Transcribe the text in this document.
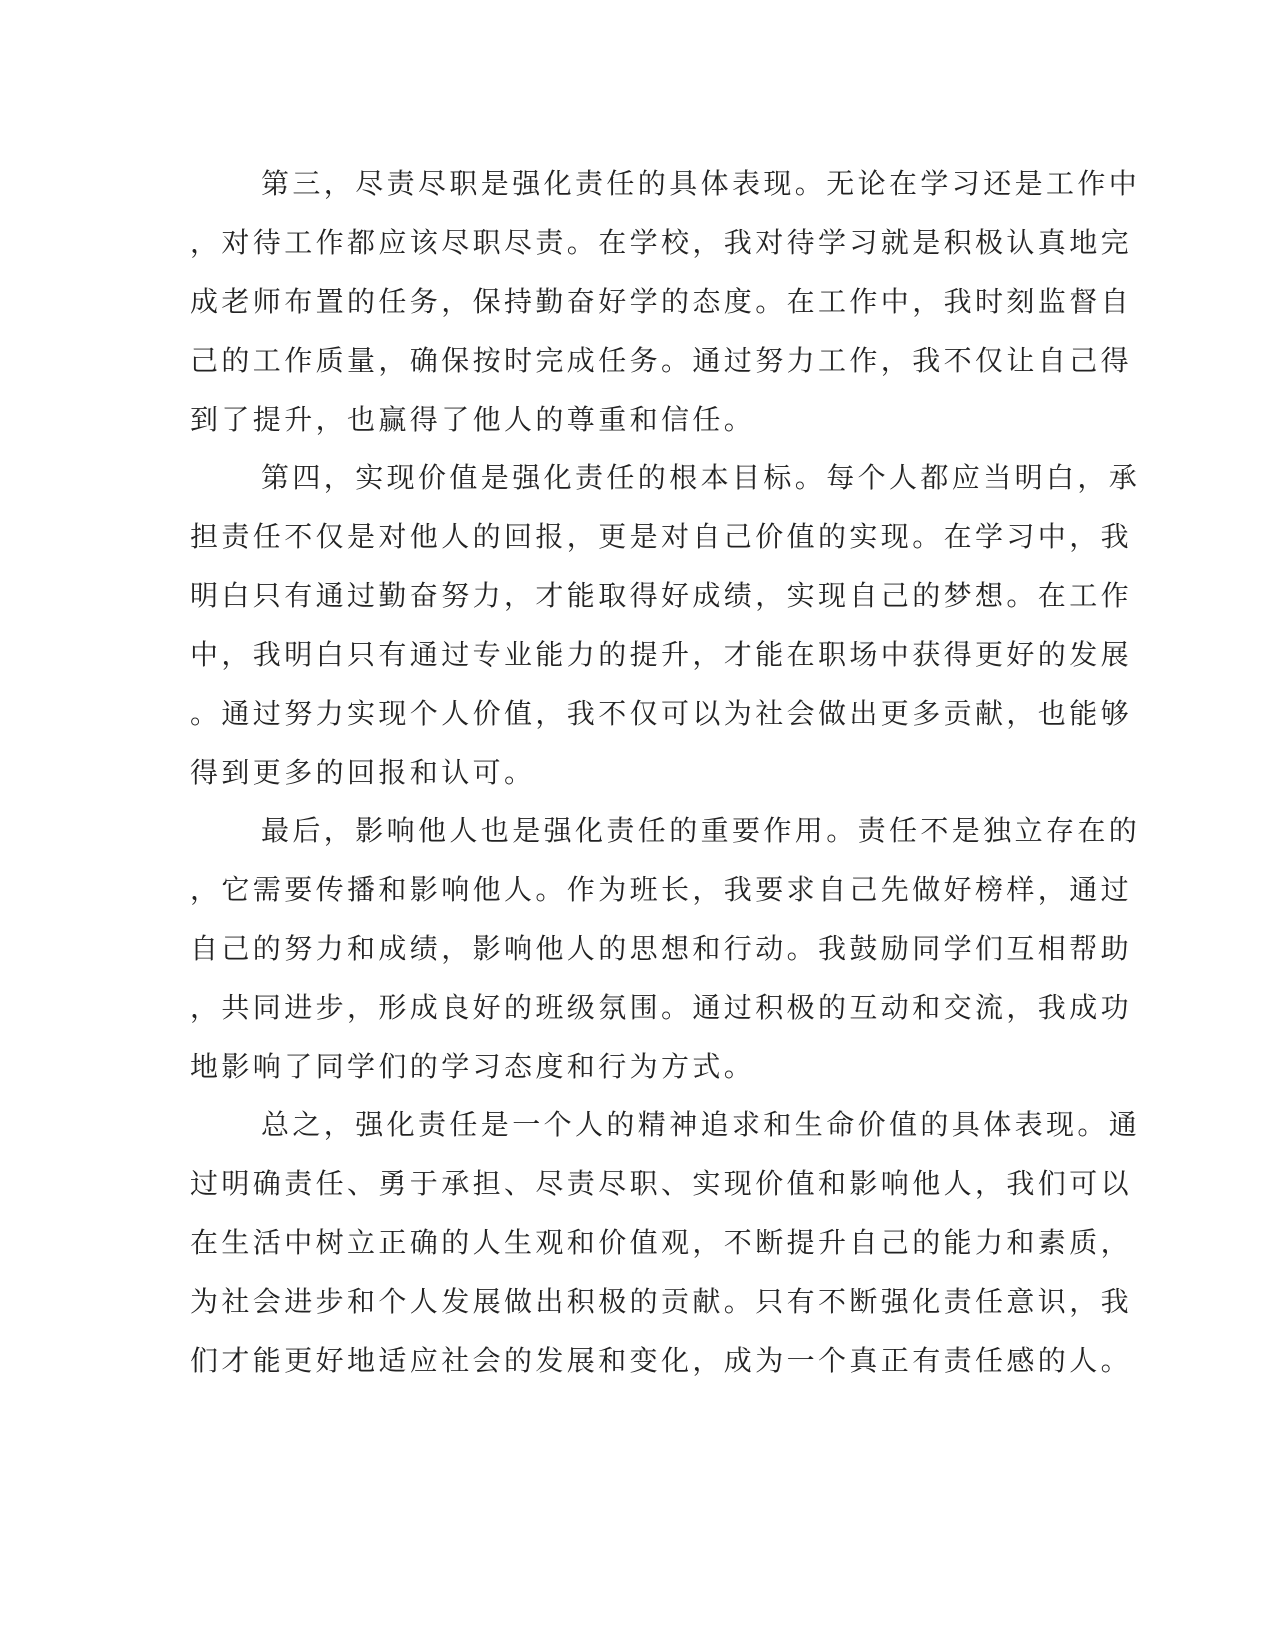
第三，尽责尽职是强化责任的具体表现。无论在学习还是工作中
，对待工作都应该尽职尽责。在学校，我对待学习就是积极认真地完
成老师布置的任务，保持勤奋好学的态度。在工作中，我时刻监督自
己的工作质量，确保按时完成任务。通过努力工作，我不仅让自己得
到了提升，也赢得了他人的尊重和信任。
第四，实现价值是强化责任的根本目标。每个人都应当明白，承
担责任不仅是对他人的回报，更是对自己价值的实现。在学习中，我
明白只有通过勤奋努力，才能取得好成绩，实现自己的梦想。在工作
中，我明白只有通过专业能力的提升，才能在职场中获得更好的发展
。通过努力实现个人价值，我不仅可以为社会做出更多贡献，也能够
得到更多的回报和认可。
最后，影响他人也是强化责任的重要作用。责任不是独立存在的
，它需要传播和影响他人。作为班长，我要求自己先做好榜样，通过
自己的努力和成绩，影响他人的思想和行动。我鼓励同学们互相帮助
，共同进步，形成良好的班级氛围。通过积极的互动和交流，我成功
地影响了同学们的学习态度和行为方式。
总之，强化责任是一个人的精神追求和生命价值的具体表现。通
过明确责任、勇于承担、尽责尽职、实现价值和影响他人，我们可以
在生活中树立正确的人生观和价值观，不断提升自己的能力和素质，
为社会进步和个人发展做出积极的贡献。只有不断强化责任意识，我
们才能更好地适应社会的发展和变化，成为一个真正有责任感的人。
